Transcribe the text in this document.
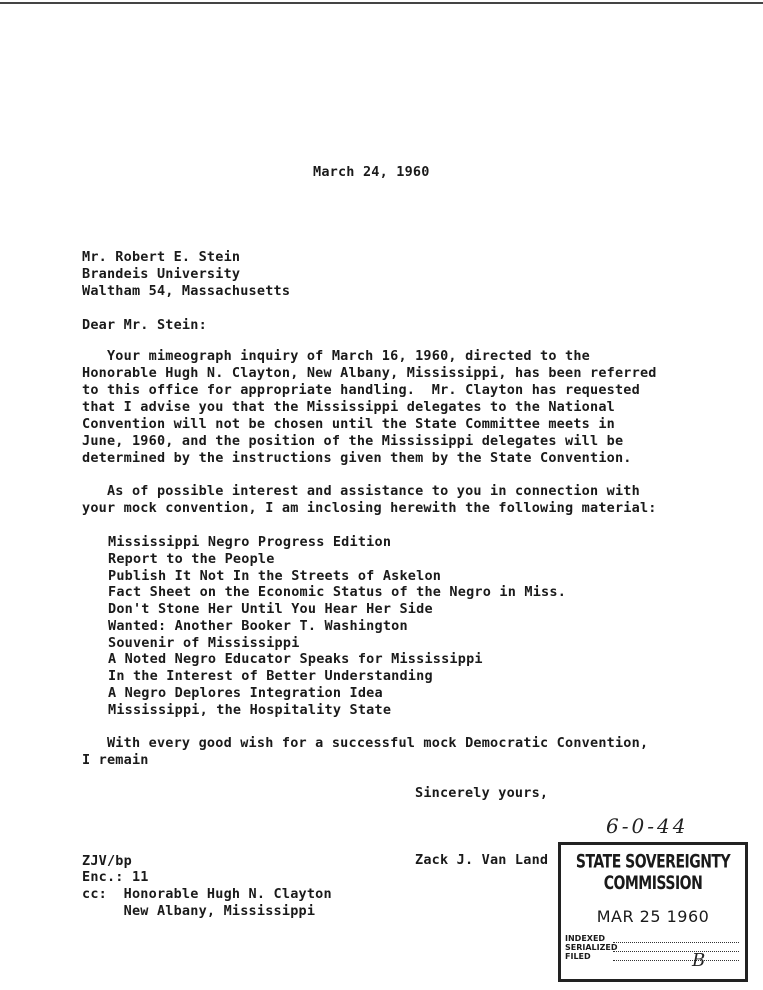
March 24, 1960
Mr. Robert E. Stein
Brandeis University
Waltham 54, Massachusetts
Dear Mr. Stein:
Your mimeograph inquiry of March 16, 1960, directed to the
Honorable Hugh N. Clayton, New Albany, Mississippi, has been referred
to this office for appropriate handling.  Mr. Clayton has requested
that I advise you that the Mississippi delegates to the National
Convention will not be chosen until the State Committee meets in
June, 1960, and the position of the Mississippi delegates will be
determined by the instructions given them by the State Convention.
As of possible interest and assistance to you in connection with
your mock convention, I am inclosing herewith the following material:
Mississippi Negro Progress Edition
Report to the People
Publish It Not In the Streets of Askelon
Fact Sheet on the Economic Status of the Negro in Miss.
Don't Stone Her Until You Hear Her Side
Wanted: Another Booker T. Washington
Souvenir of Mississippi
A Noted Negro Educator Speaks for Mississippi
In the Interest of Better Understanding
A Negro Deplores Integration Idea
Mississippi, the Hospitality State
With every good wish for a successful mock Democratic Convention,
I remain
Sincerely yours,
Zack J. Van Land
ZJV/bp
Enc.: 11
cc:  Honorable Hugh N. Clayton
New Albany, Mississippi
6-0-44
STATE SOVEREIGNTY COMMISSION
MAR 25 1960
INDEXED
SERIALIZED
FILED	B
